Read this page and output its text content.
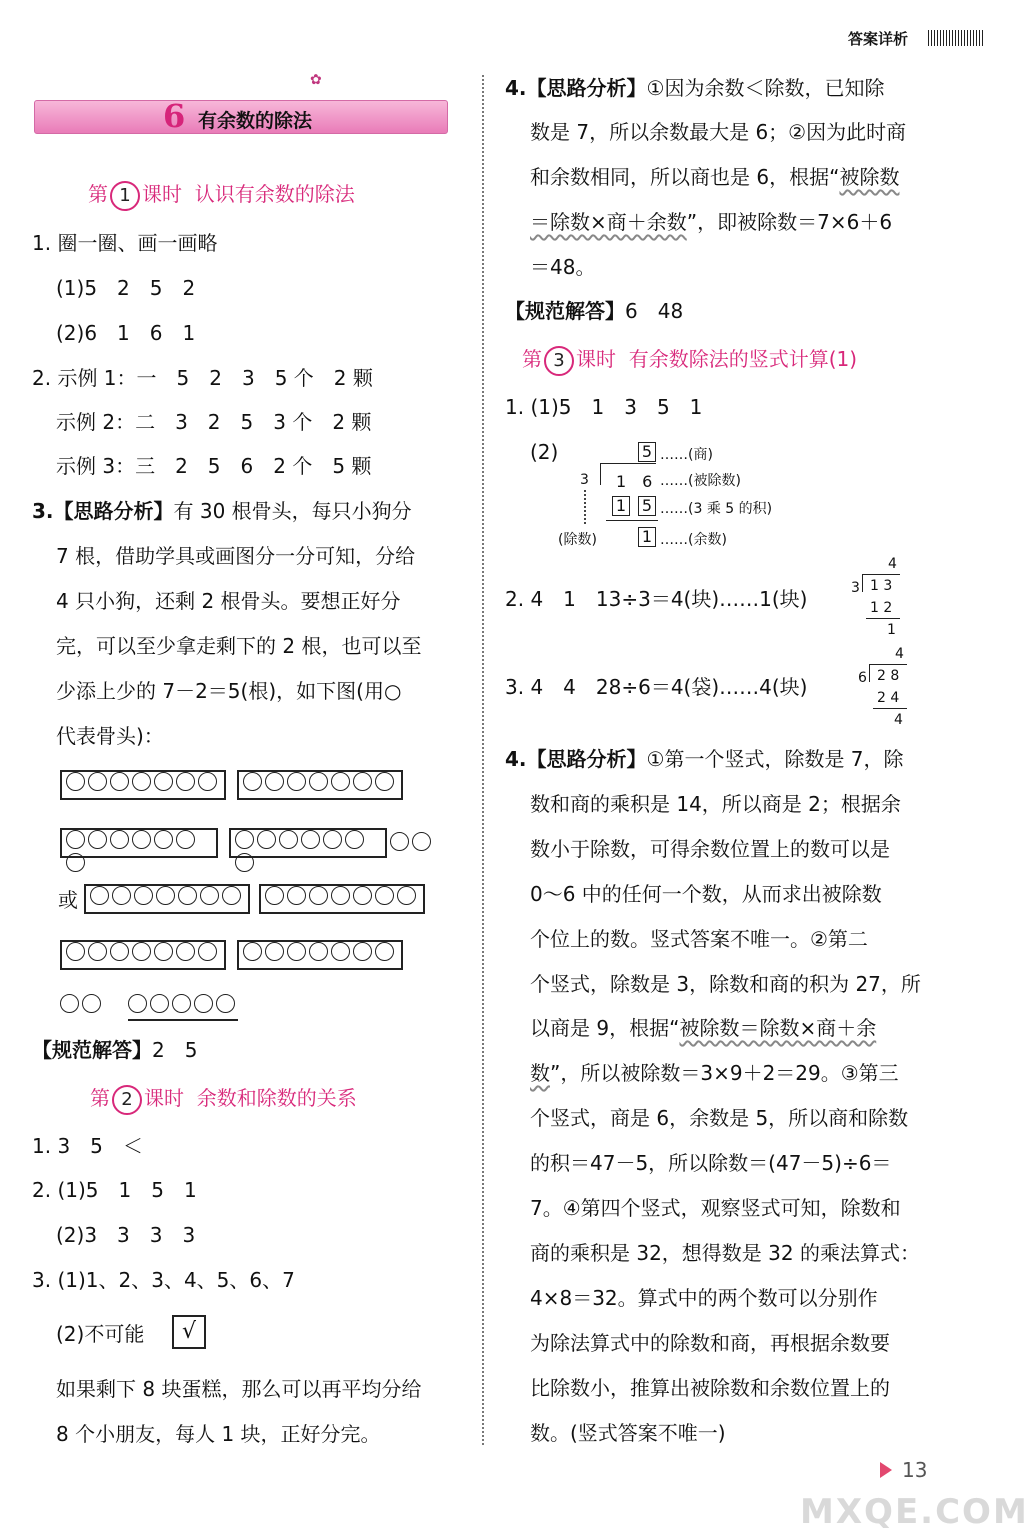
答案详析
✿
6 有余数的除法
第 1 课时 认识有余数的除法
1. 圈一圈、画一画略
(1)5　2　5　2
(2)6　1　6　1
2. 示例 1：一　5　2　3　5 个　2 颗
示例 2：二　3　2　5　3 个　2 颗
示例 3：三　2　5　6　2 个　5 颗
3.【思路分析】有 30 根骨头，每只小狗分
7 根，借助学具或画图分一分可知，分给
4 只小狗，还剩 2 根骨头。要想正好分
完，可以至少拿走剩下的 2 根，也可以至
少添上少的 7－2＝5(根)，如下图(用○
代表骨头)：
或
【规范解答】2　5
第 2 课时 余数和除数的关系
1. 3　5　＜
2. (1)5　1　5　1
(2)3　3　3　3
3. (1)1、2、3、4、5、6、7
(2)不可能	√
如果剩下 8 块蛋糕，那么可以再平均分给
8 个小朋友，每人 1 块，正好分完。
4.【思路分析】①因为余数＜除数，已知除
数是 7，所以余数最大是 6；②因为此时商
和余数相同，所以商也是 6，根据“被除数
＝除数×商＋余数”，即被除数＝7×6＋6
＝48。
【规范解答】6　48
第 3 课时 有余数除法的竖式计算(1)
1. (1)5　1　3　5　1
(2)	5 ……(商)
3 1　6 ……(被除数)
1 5 ……(3 乘 5 的积)
1 ……(余数)
(除数)
2. 4　1　13÷3＝4(块)……1(块)
4
3 1 3
1 2
1
3. 4　4　28÷6＝4(袋)……4(块)
4
6 2 8
2 4
4
4.【思路分析】①第一个竖式，除数是 7，除
数和商的乘积是 14，所以商是 2；根据余
数小于除数，可得余数位置上的数可以是
0～6 中的任何一个数，从而求出被除数
个位上的数。竖式答案不唯一。②第二
个竖式，除数是 3，除数和商的积为 27，所
以商是 9，根据“被除数＝除数×商＋余
数”，所以被除数＝3×9＋2＝29。③第三
个竖式，商是 6，余数是 5，所以商和除数
的积＝47－5，所以除数＝(47－5)÷6＝
7。④第四个竖式，观察竖式可知，除数和
商的乘积是 32，想得数是 32 的乘法算式：
4×8＝32。算式中的两个数可以分别作
为除法算式中的除数和商，再根据余数要
比除数小，推算出被除数和余数位置上的
数。(竖式答案不唯一)
13
MXQE.COM
